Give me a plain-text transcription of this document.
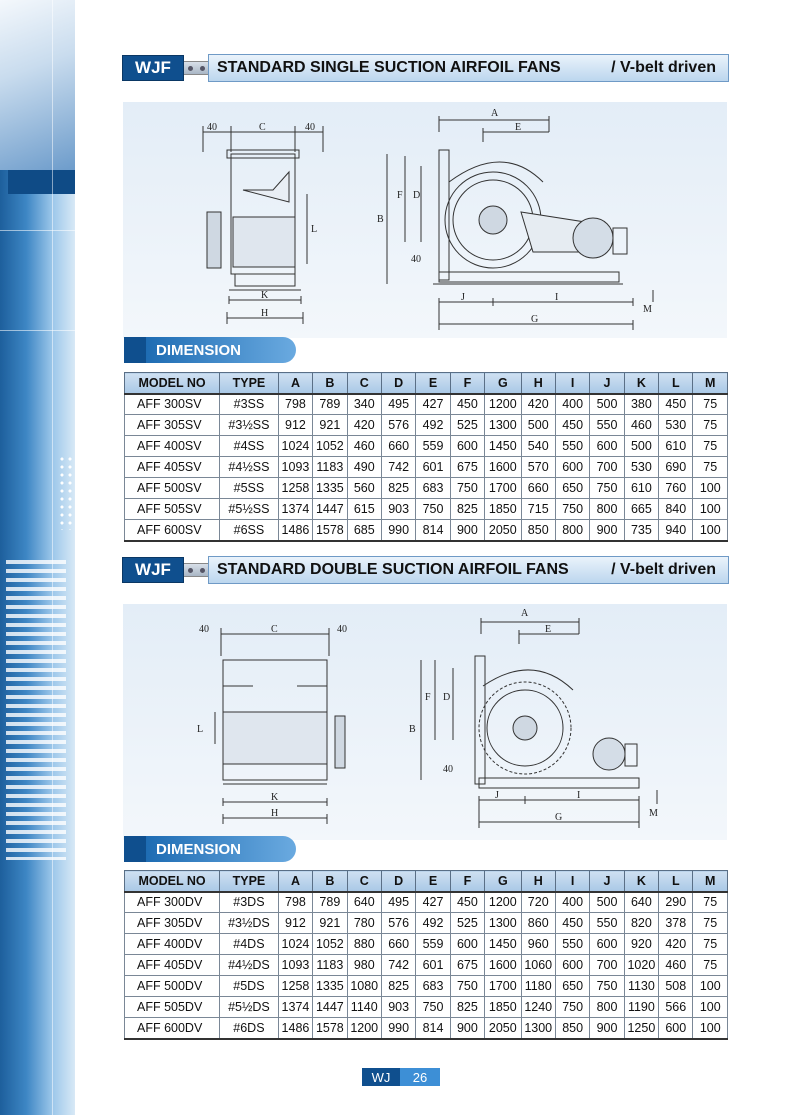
WJF	STANDARD SINGLE SUCTION AIRFOIL FANS	/ V-belt driven
40	C	40
L
K
H
A
E
B
F D
40
J	I
G
M
DIMENSION
MODEL NO	TYPE	A	B	C	D	E	F	G	H	I	J	K	L	M
AFF 300SV	#3SS	798	789	340	495	427	450	1200	420	400	500	380	450	75
AFF 305SV	#3½SS	912	921	420	576	492	525	1300	500	450	550	460	530	75
AFF 400SV	#4SS	1024	1052	460	660	559	600	1450	540	550	600	500	610	75
AFF 405SV	#4½SS	1093	1183	490	742	601	675	1600	570	600	700	530	690	75
AFF 500SV	#5SS	1258	1335	560	825	683	750	1700	660	650	750	610	760	100
AFF 505SV	#5½SS	1374	1447	615	903	750	825	1850	715	750	800	665	840	100
AFF 600SV	#6SS	1486	1578	685	990	814	900	2050	850	800	900	735	940	100
WJF	STANDARD DOUBLE SUCTION AIRFOIL FANS	/ V-belt driven
40	C	40
L
K
H
A
E
B
F D
40
J	I
G	M
DIMENSION
MODEL NO	TYPE	A	B	C	D	E	F	G	H	I	J	K	L	M
AFF 300DV	#3DS	798	789	640	495	427	450	1200	720	400	500	640	290	75
AFF 305DV	#3½DS	912	921	780	576	492	525	1300	860	450	550	820	378	75
AFF 400DV	#4DS	1024	1052	880	660	559	600	1450	960	550	600	920	420	75
AFF 405DV	#4½DS	1093	1183	980	742	601	675	1600	1060	600	700	1020	460	75
AFF 500DV	#5DS	1258	1335	1080	825	683	750	1700	1180	650	750	1130	508	100
AFF 505DV	#5½DS	1374	1447	1140	903	750	825	1850	1240	750	800	1190	566	100
AFF 600DV	#6DS	1486	1578	1200	990	814	900	2050	1300	850	900	1250	600	100
WJ	26
